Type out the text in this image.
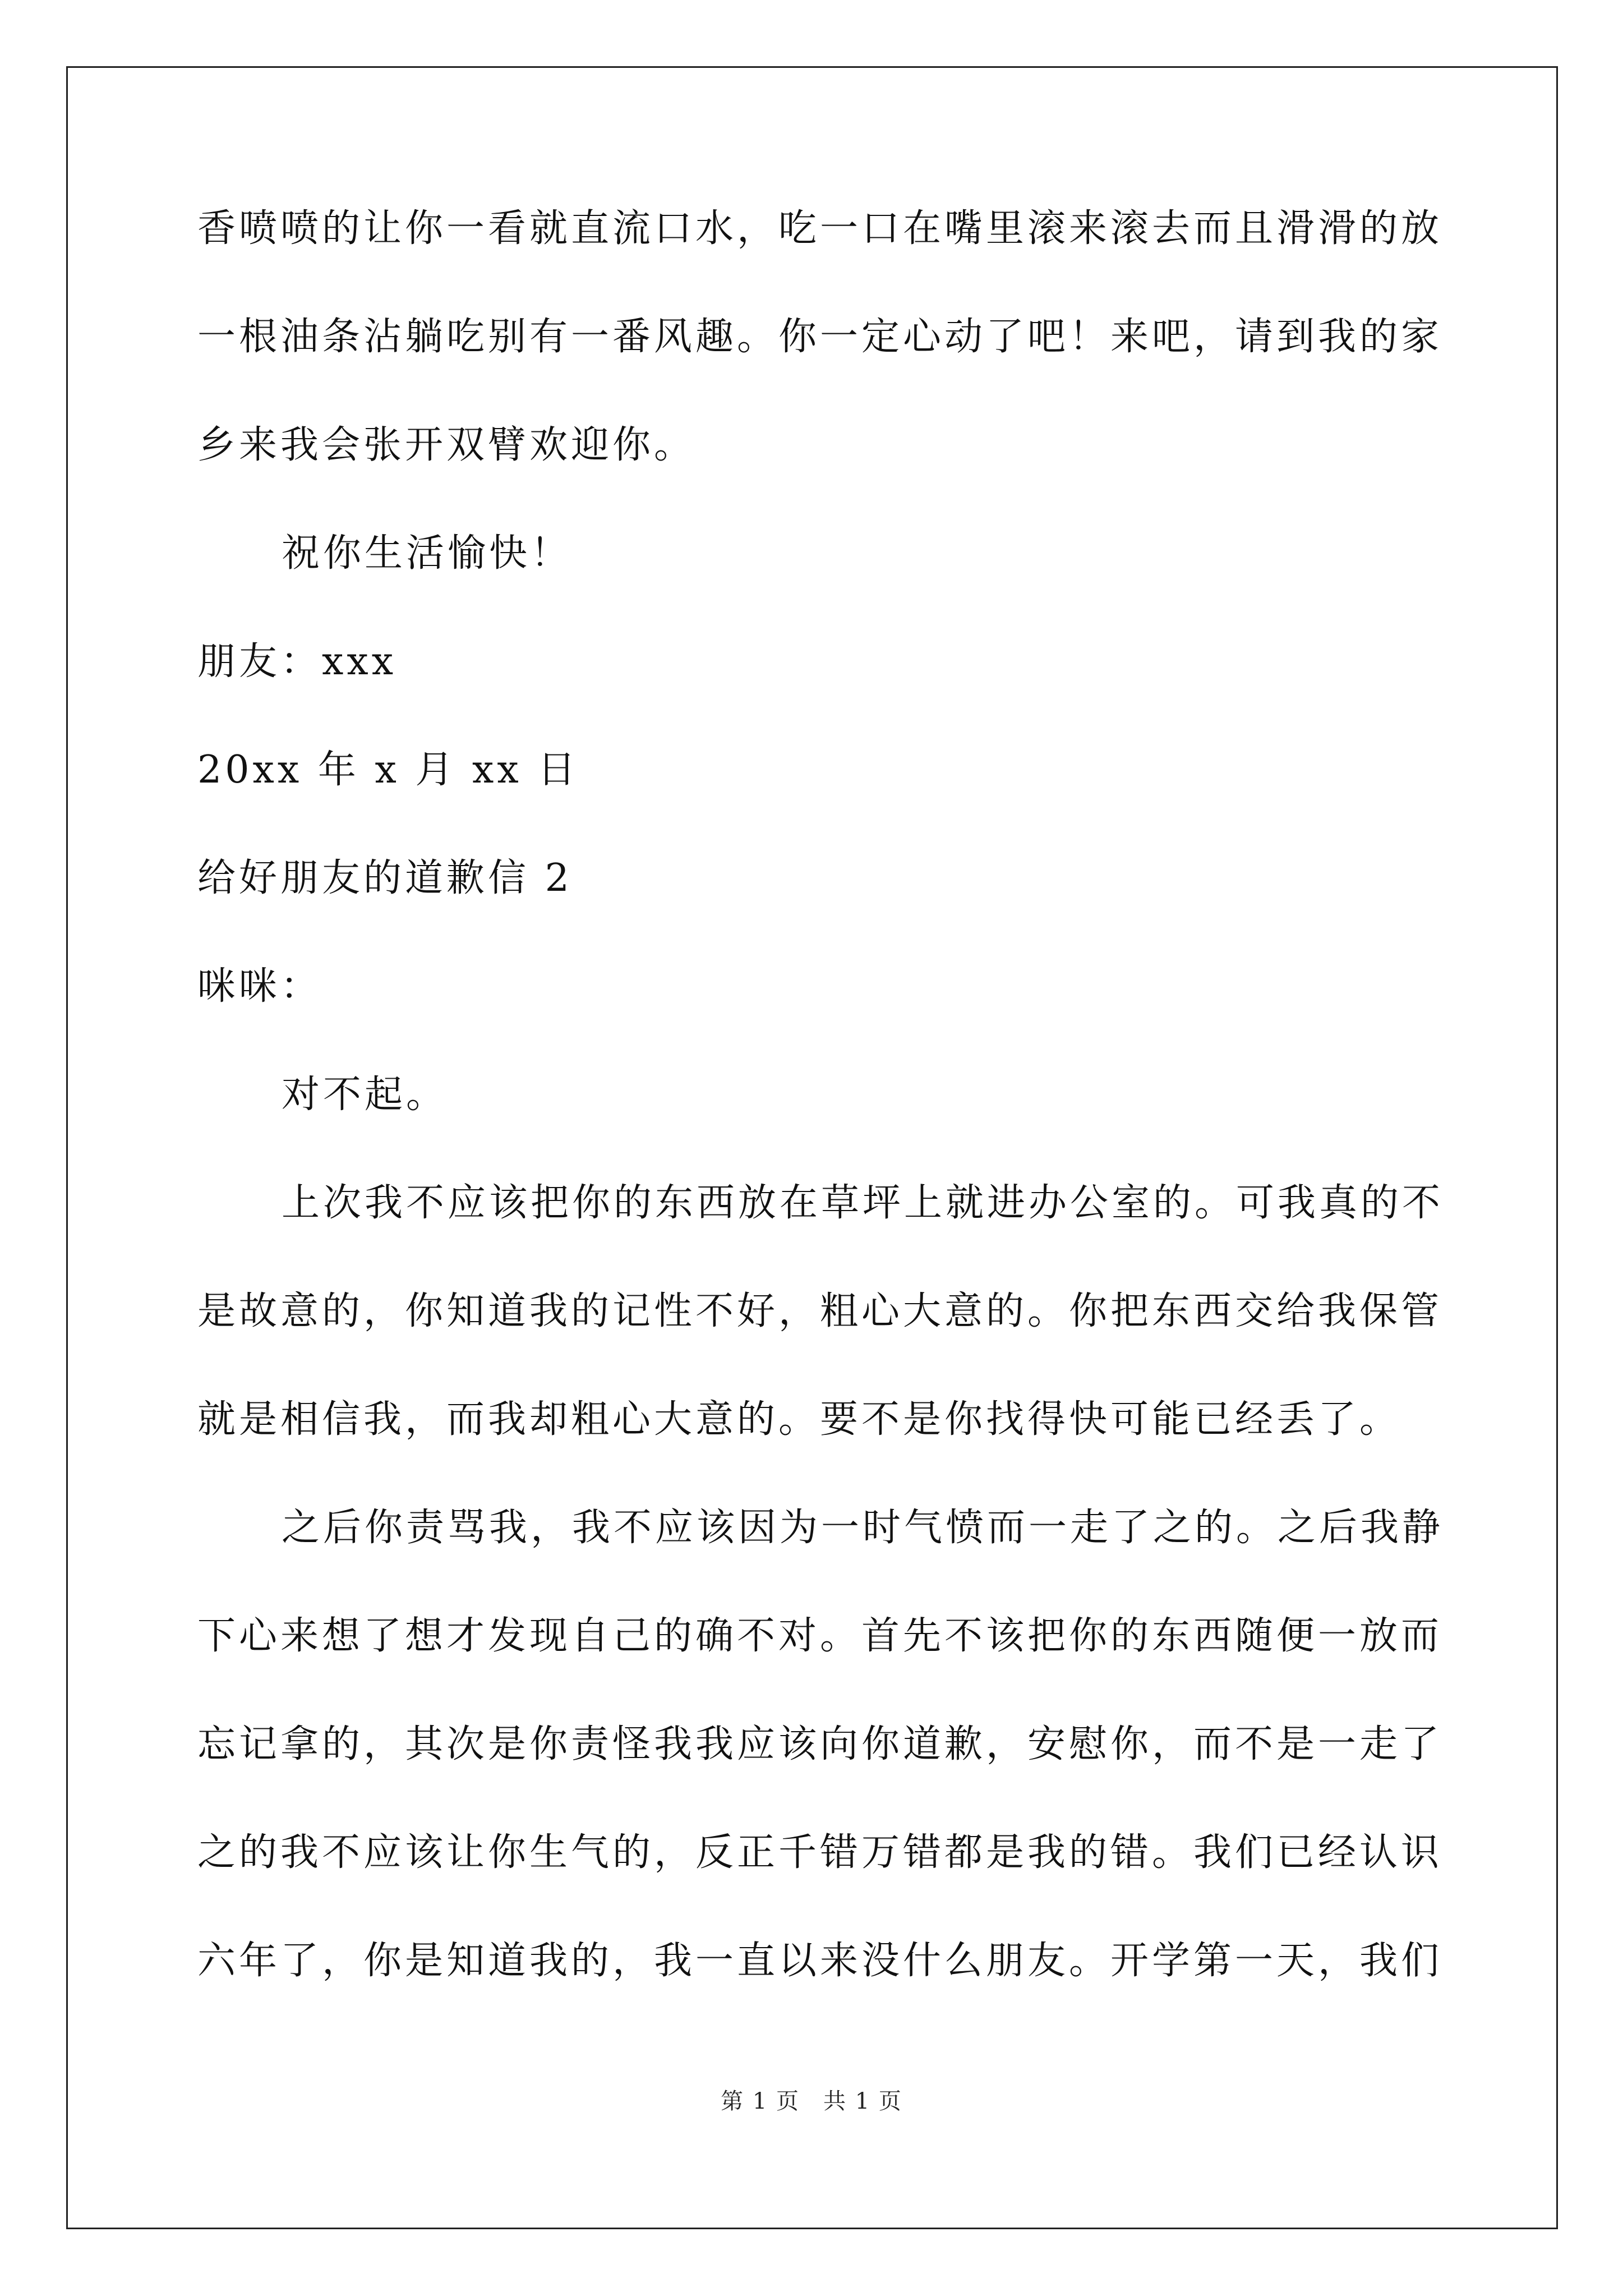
香喷喷的让你一看就直流口水，吃一口在嘴里滚来滚去而且滑滑的放
一根油条沾躺吃别有一番风趣。你一定心动了吧！来吧，请到我的家
乡来我会张开双臂欢迎你。
祝你生活愉快！
朋友：xxx
20xx 年 x 月 xx 日
给好朋友的道歉信 2
咪咪：
对不起。
上次我不应该把你的东西放在草坪上就进办公室的。可我真的不
是故意的，你知道我的记性不好，粗心大意的。你把东西交给我保管
就是相信我，而我却粗心大意的。要不是你找得快可能已经丢了。
之后你责骂我，我不应该因为一时气愤而一走了之的。之后我静
下心来想了想才发现自己的确不对。首先不该把你的东西随便一放而
忘记拿的，其次是你责怪我我应该向你道歉，安慰你，而不是一走了
之的我不应该让你生气的，反正千错万错都是我的错。我们已经认识
六年了，你是知道我的，我一直以来没什么朋友。开学第一天，我们
第 1 页　共 1 页
